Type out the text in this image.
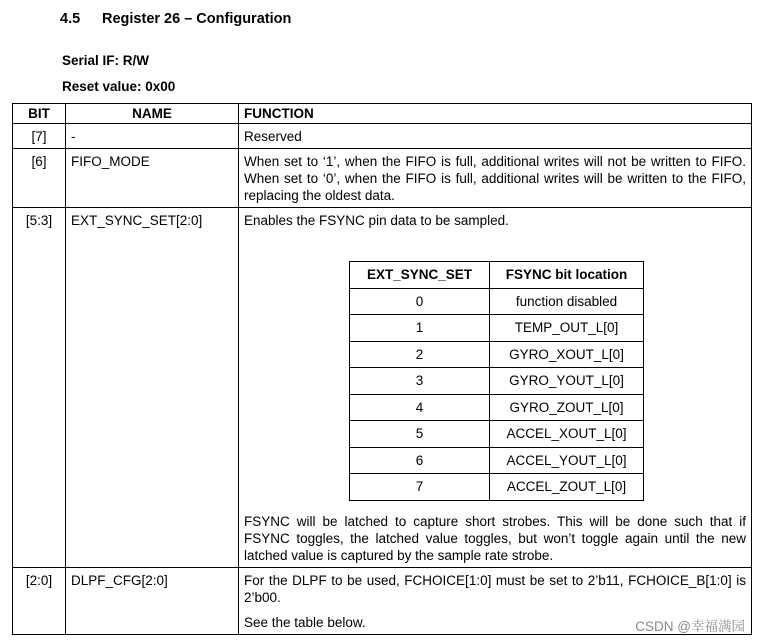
4.5 Register 26 – Configuration
Serial IF: R/W
Reset value: 0x00
BIT	NAME	FUNCTION
[7]	-	Reserved
[6]	FIFO_MODE	When set to ‘1’, when the FIFO is full, additional writes will not be written to FIFO. When set to ‘0’, when the FIFO is full, additional writes will be written to the FIFO, replacing the oldest data.
[5:3]	EXT_SYNC_SET[2:0]	Enables the FSYNC pin data to be sampled.
EXT_SYNC_SET	FSYNC bit location
0	function disabled
1	TEMP_OUT_L[0]
2	GYRO_XOUT_L[0]
3	GYRO_YOUT_L[0]
4	GYRO_ZOUT_L[0]
5	ACCEL_XOUT_L[0]
6	ACCEL_YOUT_L[0]
7	ACCEL_ZOUT_L[0]
FSYNC will be latched to capture short strobes. This will be done such that if FSYNC toggles, the latched value toggles, but won’t toggle again until the new latched value is captured by the sample rate strobe.

[2:0]	DLPF_CFG[2:0]	For the DLPF to be used, FCHOICE[1:0] must be set to 2’b11, FCHOICE_B[1:0] is 2’b00.
See the table below.	CSDN @幸福满园
